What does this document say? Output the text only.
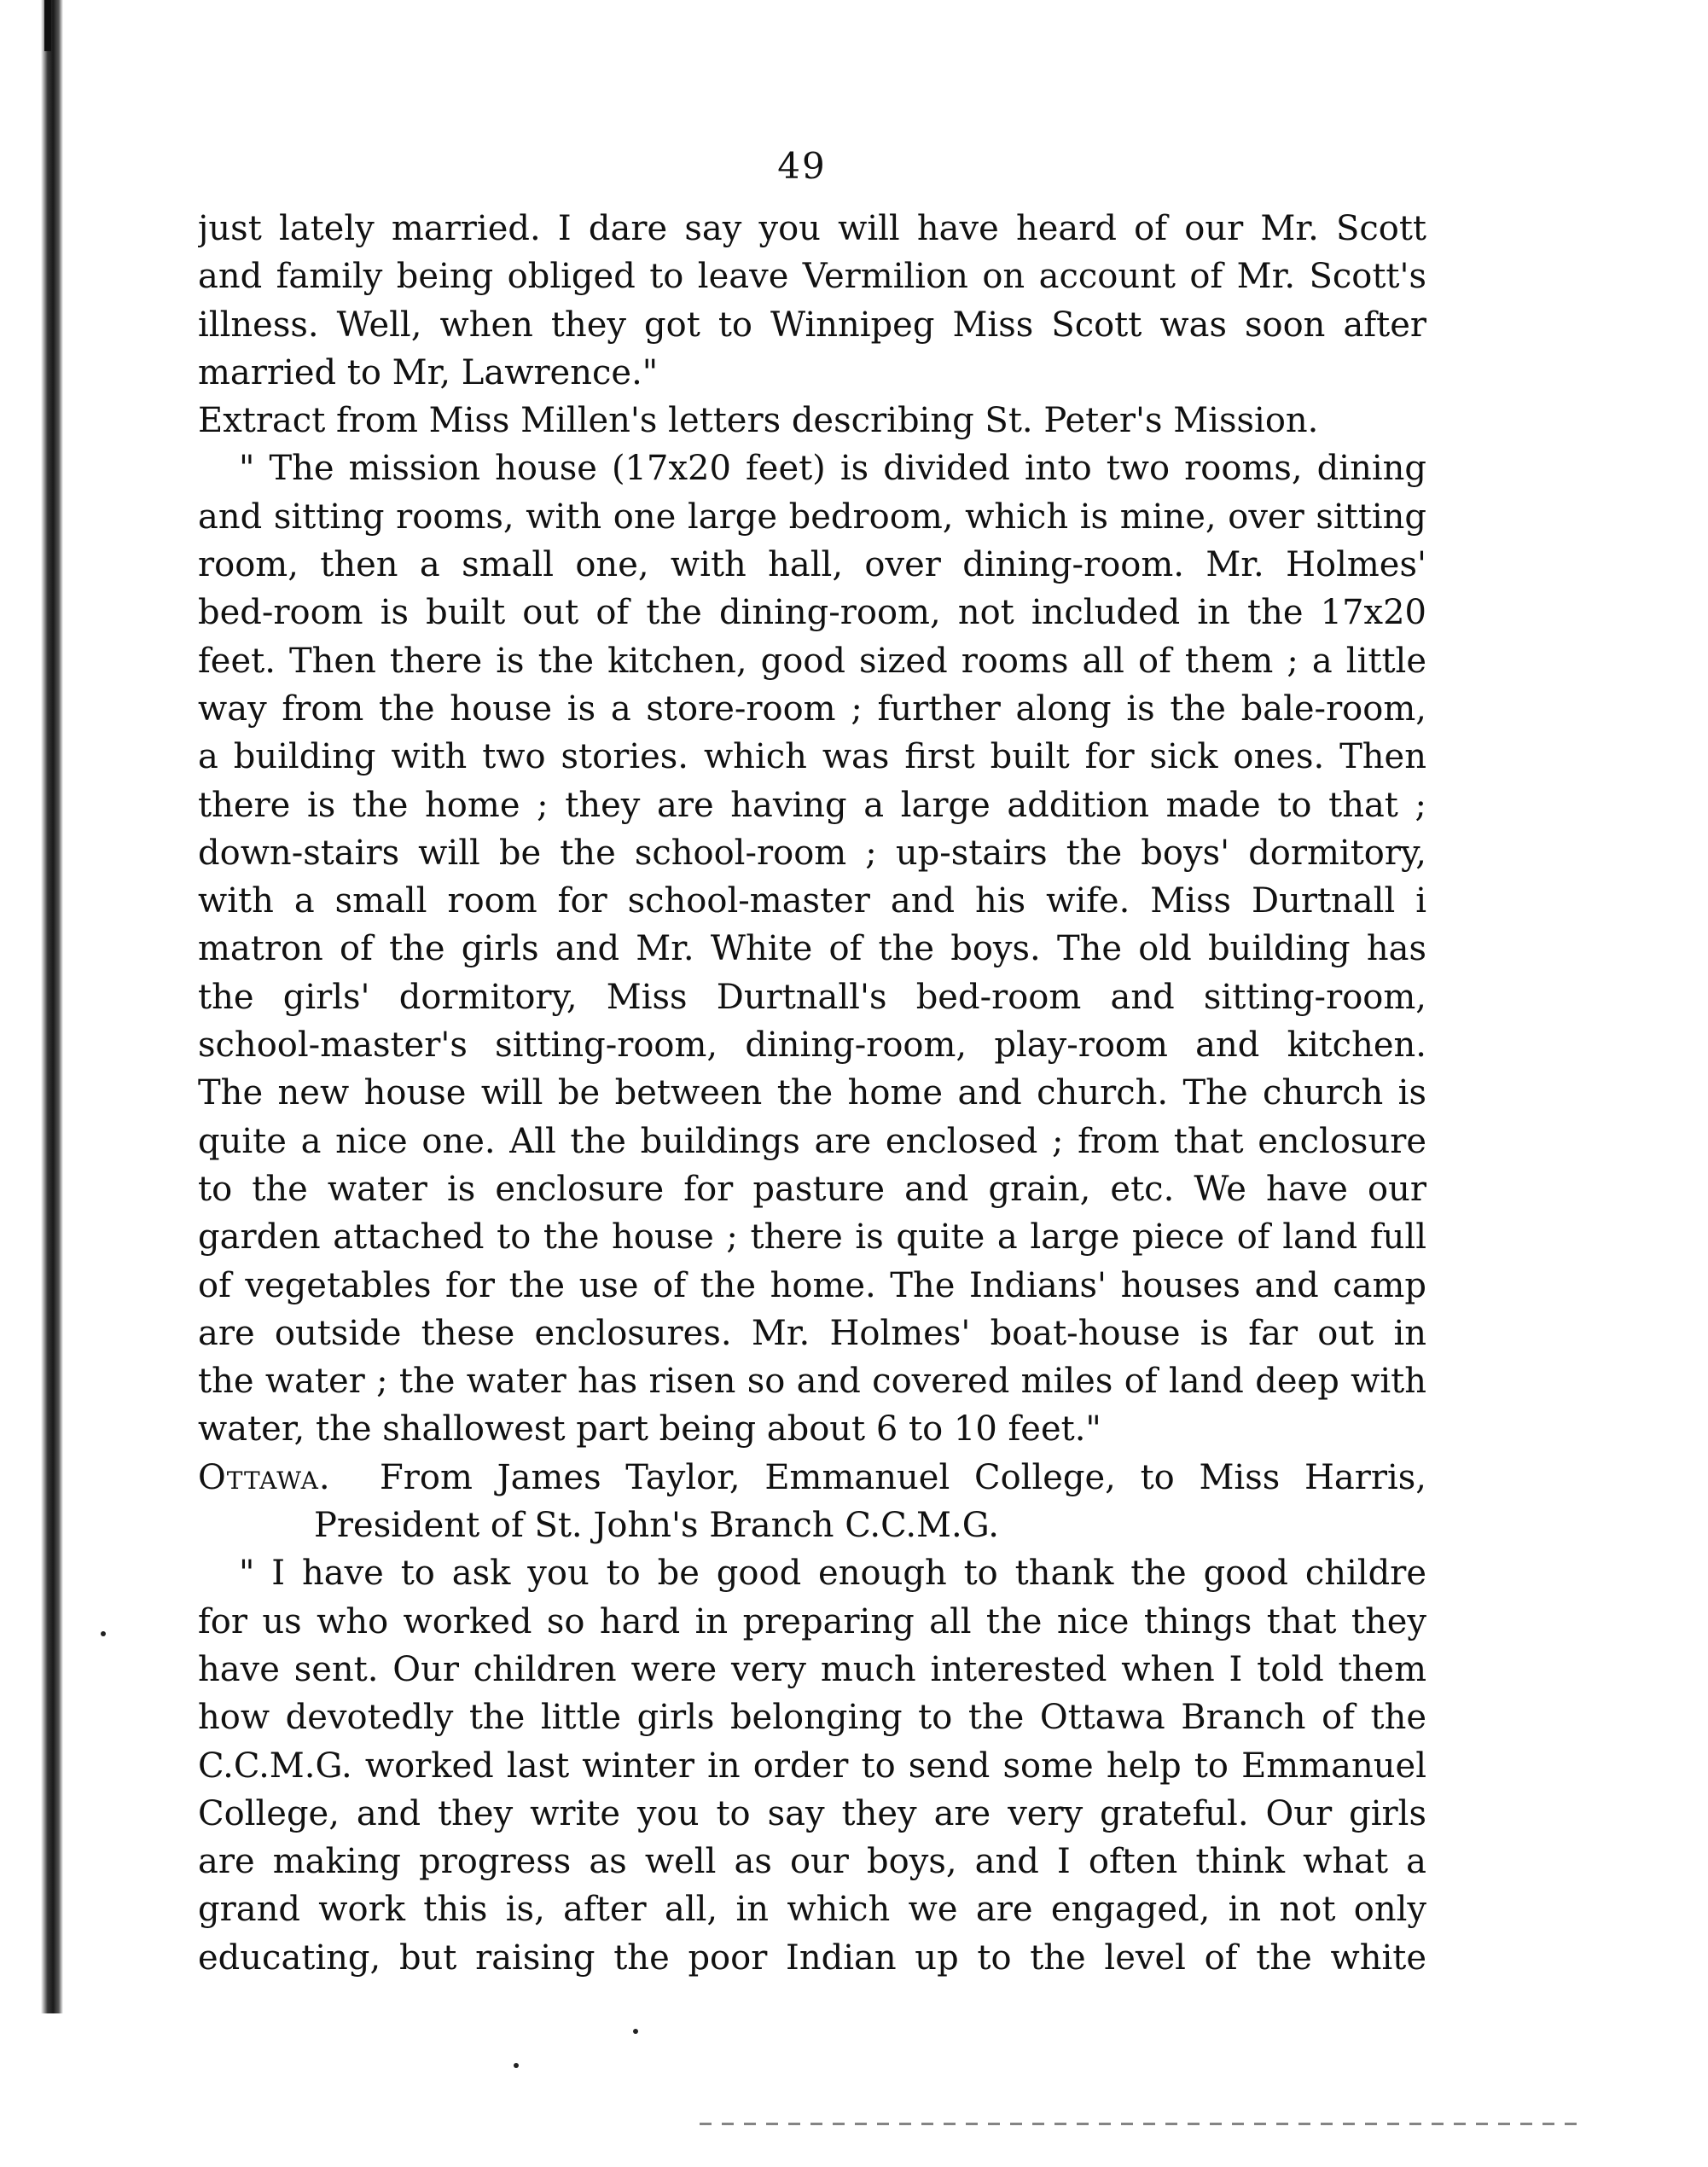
49
just lately married. I dare say you will have heard of our Mr. Scott
and family being obliged to leave Vermilion on account of Mr. Scott's
illness. Well, when they got to Winnipeg Miss Scott was soon after
married to Mr, Lawrence."
Extract from Miss Millen's letters describing St. Peter's Mission.
" The mission house (17x20 feet) is divided into two rooms, dining
and sitting rooms, with one large bedroom, which is mine, over sitting
room, then a small one, with hall, over dining-room. Mr. Holmes'
bed-room is built out of the dining-room, not included in the 17x20
feet. Then there is the kitchen, good sized rooms all of them ; a little
way from the house is a store-room ; further along is the bale-room,
a building with two stories. which was first built for sick ones. Then
there is the home ; they are having a large addition made to that ;
down-stairs will be the school-room ; up-stairs the boys' dormitory,
with a small room for school-master and his wife. Miss Durtnall i
matron of the girls and Mr. White of the boys. The old building has
the girls' dormitory, Miss Durtnall's bed-room and sitting-room,
school-master's sitting-room, dining-room, play-room and kitchen.
The new house will be between the home and church. The church is
quite a nice one. All the buildings are enclosed ; from that enclosure
to the water is enclosure for pasture and grain, etc. We have our
garden attached to the house ; there is quite a large piece of land full
of vegetables for the use of the home. The Indians' houses and camp
are outside these enclosures. Mr. Holmes' boat-house is far out in
the water ; the water has risen so and covered miles of land deep with
water, the shallowest part being about 6 to 10 feet."
Ottawa. From James Taylor, Emmanuel College, to Miss Harris,
President of St. John's Branch C.C.M.G.
" I have to ask you to be good enough to thank the good childre
for us who worked so hard in preparing all the nice things that they
have sent. Our children were very much interested when I told them
how devotedly the little girls belonging to the Ottawa Branch of the
C.C.M.G. worked last winter in order to send some help to Emmanuel
College, and they write you to say they are very grateful. Our girls
are making progress as well as our boys, and I often think what a
grand work this is, after all, in which we are engaged, in not only
educating, but raising the poor Indian up to the level of the white
